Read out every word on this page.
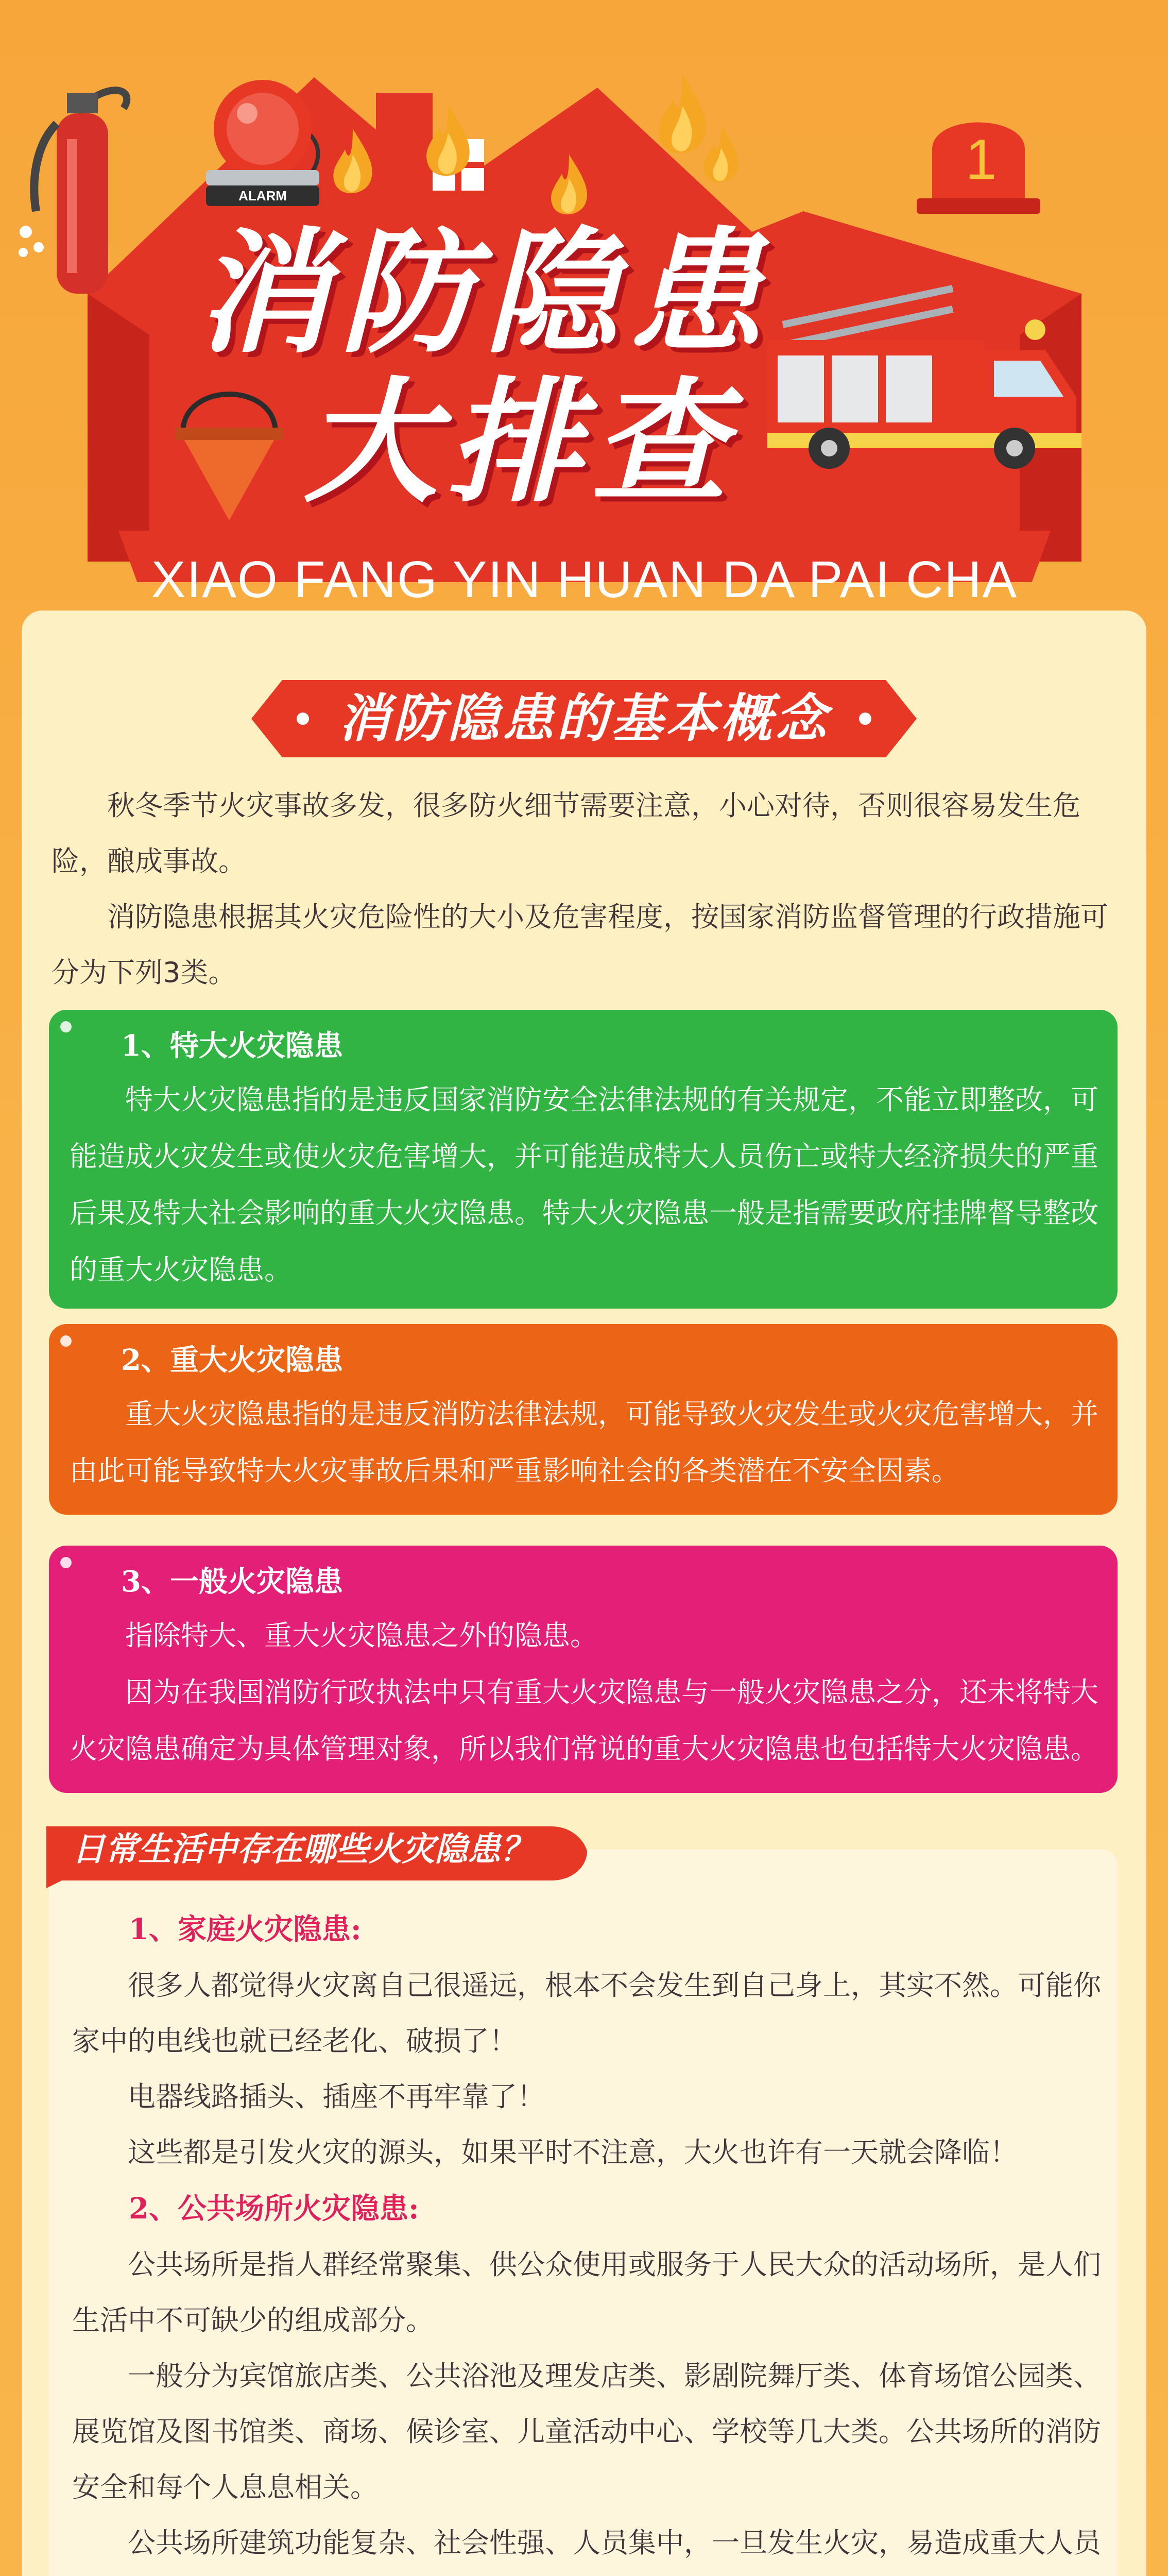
ALARM
1
消防隐患
大排查
XIAO FANG YIN HUAN DA PAI CHA
消防隐患的基本概念

秋冬季节火灾事故多发，很多防火细节需要注意，小心对待，否则很容易发生危险，酿成事故。

消防隐患根据其火灾危险性的大小及危害程度，按国家消防监督管理的行政措施可分为下列3类。

1、特大火灾隐患

特大火灾隐患指的是违反国家消防安全法律法规的有关规定，不能立即整改，可能造成火灾发生或使火灾危害增大，并可能造成特大人员伤亡或特大经济损失的严重后果及特大社会影响的重大火灾隐患。特大火灾隐患一般是指需要政府挂牌督导整改的重大火灾隐患。

2、重大火灾隐患

重大火灾隐患指的是违反消防法律法规，可能导致火灾发生或火灾危害增大，并由此可能导致特大火灾事故后果和严重影响社会的各类潜在不安全因素。

3、一般火灾隐患

指除特大、重大火灾隐患之外的隐患。

因为在我国消防行政执法中只有重大火灾隐患与一般火灾隐患之分，还未将特大火灾隐患确定为具体管理对象，所以我们常说的重大火灾隐患也包括特大火灾隐患。

日常生活中存在哪些火灾隐患？
1、家庭火灾隐患:

很多人都觉得火灾离自己很遥远，根本不会发生到自己身上，其实不然。可能你家中的电线也就已经老化、破损了！

电器线路插头、插座不再牢靠了！

这些都是引发火灾的源头，如果平时不注意，大火也许有一天就会降临！

2、公共场所火灾隐患:

公共场所是指人群经常聚集、供公众使用或服务于人民大众的活动场所，是人们生活中不可缺少的组成部分。

一般分为宾馆旅店类、公共浴池及理发店类、影剧院舞厅类、体育场馆公园类、展览馆及图书馆类、商场、候诊室、儿童活动中心、学校等几大类。公共场所的消防安全和每个人息息相关。

公共场所建筑功能复杂、社会性强、人员集中，一旦发生火灾，易造成重大人员
